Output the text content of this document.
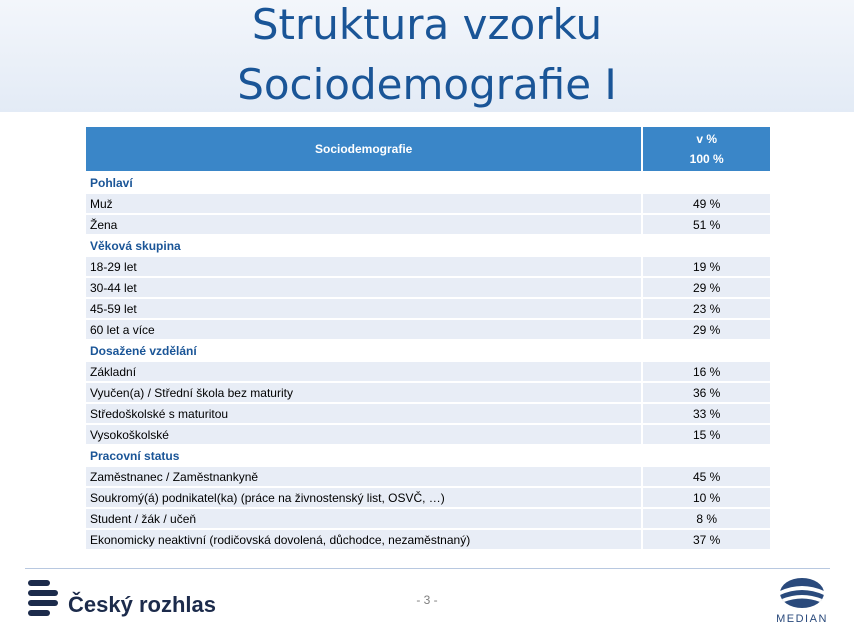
Struktura vzorku
Sociodemografie I
Sociodemografie	v %
100 %

Pohlaví	
Muž	49 %
Žena	51 %
Věková skupina	
18-29 let	19 %
30-44 let	29 %
45-59 let	23 %
60 let a více	29 %
Dosažené vzdělání	
Základní	16 %
Vyučen(a) / Střední škola bez maturity	36 %
Středoškolské s maturitou	33 %
Vysokoškolské	15 %
Pracovní status	
Zaměstnanec / Zaměstnankyně	45 %
Soukromý(á) podnikatel(ka) (práce na živnostenský list, OSVČ, …)	10 %
Student / žák / učeň	8 %
Ekonomicky neaktivní (rodičovská dovolená, důchodce, nezaměstnaný)	37 %
Český rozhlas	- 3 -
MEDIAN
